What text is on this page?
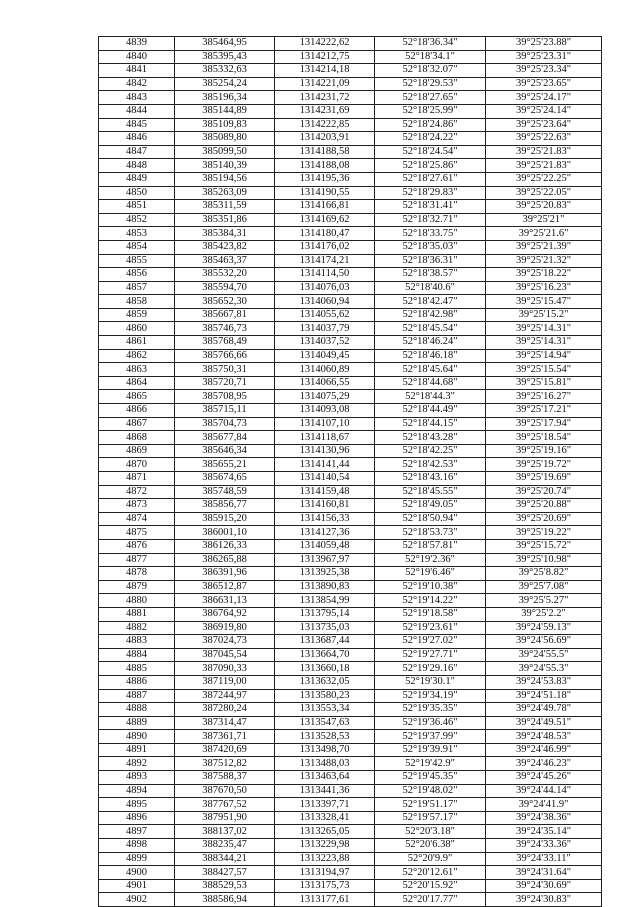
4839	385464,95	1314222,62	52°18'36.34"	39°25'23.88"
4840	385395,43	1314212,75	52°18'34.1"	39°25'23.31"
4841	385332,63	1314214,18	52°18'32.07"	39°25'23.34"
4842	385254,24	1314221,09	52°18'29.53"	39°25'23.65"
4843	385196,34	1314231,72	52°18'27.65"	39°25'24.17"
4844	385144,89	1314231,69	52°18'25.99"	39°25'24.14"
4845	385109,83	1314222,85	52°18'24.86"	39°25'23.64"
4846	385089,80	1314203,91	52°18'24.22"	39°25'22.63"
4847	385099,50	1314188,58	52°18'24.54"	39°25'21.83"
4848	385140,39	1314188,08	52°18'25.86"	39°25'21.83"
4849	385194,56	1314195,36	52°18'27.61"	39°25'22.25"
4850	385263,09	1314190,55	52°18'29.83"	39°25'22.05"
4851	385311,59	1314166,81	52°18'31.41"	39°25'20.83"
4852	385351,86	1314169,62	52°18'32.71"	39°25'21"
4853	385384,31	1314180,47	52°18'33.75"	39°25'21.6"
4854	385423,82	1314176,02	52°18'35.03"	39°25'21.39"
4855	385463,37	1314174,21	52°18'36.31"	39°25'21.32"
4856	385532,20	1314114,50	52°18'38.57"	39°25'18.22"
4857	385594,70	1314076,03	52°18'40.6"	39°25'16.23"
4858	385652,30	1314060,94	52°18'42.47"	39°25'15.47"
4859	385667,81	1314055,62	52°18'42.98"	39°25'15.2"
4860	385746,73	1314037,79	52°18'45.54"	39°25'14.31"
4861	385768,49	1314037,52	52°18'46.24"	39°25'14.31"
4862	385766,66	1314049,45	52°18'46.18"	39°25'14.94"
4863	385750,31	1314060,89	52°18'45.64"	39°25'15.54"
4864	385720,71	1314066,55	52°18'44.68"	39°25'15.81"
4865	385708,95	1314075,29	52°18'44.3"	39°25'16.27"
4866	385715,11	1314093,08	52°18'44.49"	39°25'17.21"
4867	385704,73	1314107,10	52°18'44.15"	39°25'17.94"
4868	385677,84	1314118,67	52°18'43.28"	39°25'18.54"
4869	385646,34	1314130,96	52°18'42.25"	39°25'19.16"
4870	385655,21	1314141,44	52°18'42.53"	39°25'19.72"
4871	385674,65	1314140,54	52°18'43.16"	39°25'19.69"
4872	385748,59	1314159,48	52°18'45.55"	39°25'20.74"
4873	385856,77	1314160,81	52°18'49.05"	39°25'20.88"
4874	385915,20	1314156,33	52°18'50.94"	39°25'20.69"
4875	386001,10	1314127,36	52°18'53.73"	39°25'19.22"
4876	386126,33	1314059,48	52°18'57.81"	39°25'15.72"
4877	386265,88	1313967,97	52°19'2.36"	39°25'10.98"
4878	386391,96	1313925,38	52°19'6.46"	39°25'8.82"
4879	386512,87	1313890,83	52°19'10.38"	39°25'7.08"
4880	386631,13	1313854,99	52°19'14.22"	39°25'5.27"
4881	386764,92	1313795,14	52°19'18.58"	39°25'2.2"
4882	386919,80	1313735,03	52°19'23.61"	39°24'59.13"
4883	387024,73	1313687,44	52°19'27.02"	39°24'56.69"
4884	387045,54	1313664,70	52°19'27.71"	39°24'55.5"
4885	387090,33	1313660,18	52°19'29.16"	39°24'55.3"
4886	387119,00	1313632,05	52°19'30.1"	39°24'53.83"
4887	387244,97	1313580,23	52°19'34.19"	39°24'51.18"
4888	387280,24	1313553,34	52°19'35.35"	39°24'49.78"
4889	387314,47	1313547,63	52°19'36.46"	39°24'49.51"
4890	387361,71	1313528,53	52°19'37.99"	39°24'48.53"
4891	387420,69	1313498,70	52°19'39.91"	39°24'46.99"
4892	387512,82	1313488,03	52°19'42.9"	39°24'46.23"
4893	387588,37	1313463,64	52°19'45.35"	39°24'45.26"
4894	387670,50	1313441,36	52°19'48.02"	39°24'44.14"
4895	387767,52	1313397,71	52°19'51.17"	39°24'41.9"
4896	387951,90	1313328,41	52°19'57.17"	39°24'38.36"
4897	388137,02	1313265,05	52°20'3.18"	39°24'35.14"
4898	388235,47	1313229,98	52°20'6.38"	39°24'33.36"
4899	388344,21	1313223,88	52°20'9.9"	39°24'33.11"
4900	388427,57	1313194,97	52°20'12.61"	39°24'31.64"
4901	388529,53	1313175,73	52°20'15.92"	39°24'30.69"
4902	388586,94	1313177,61	52°20'17.77"	39°24'30.83"
